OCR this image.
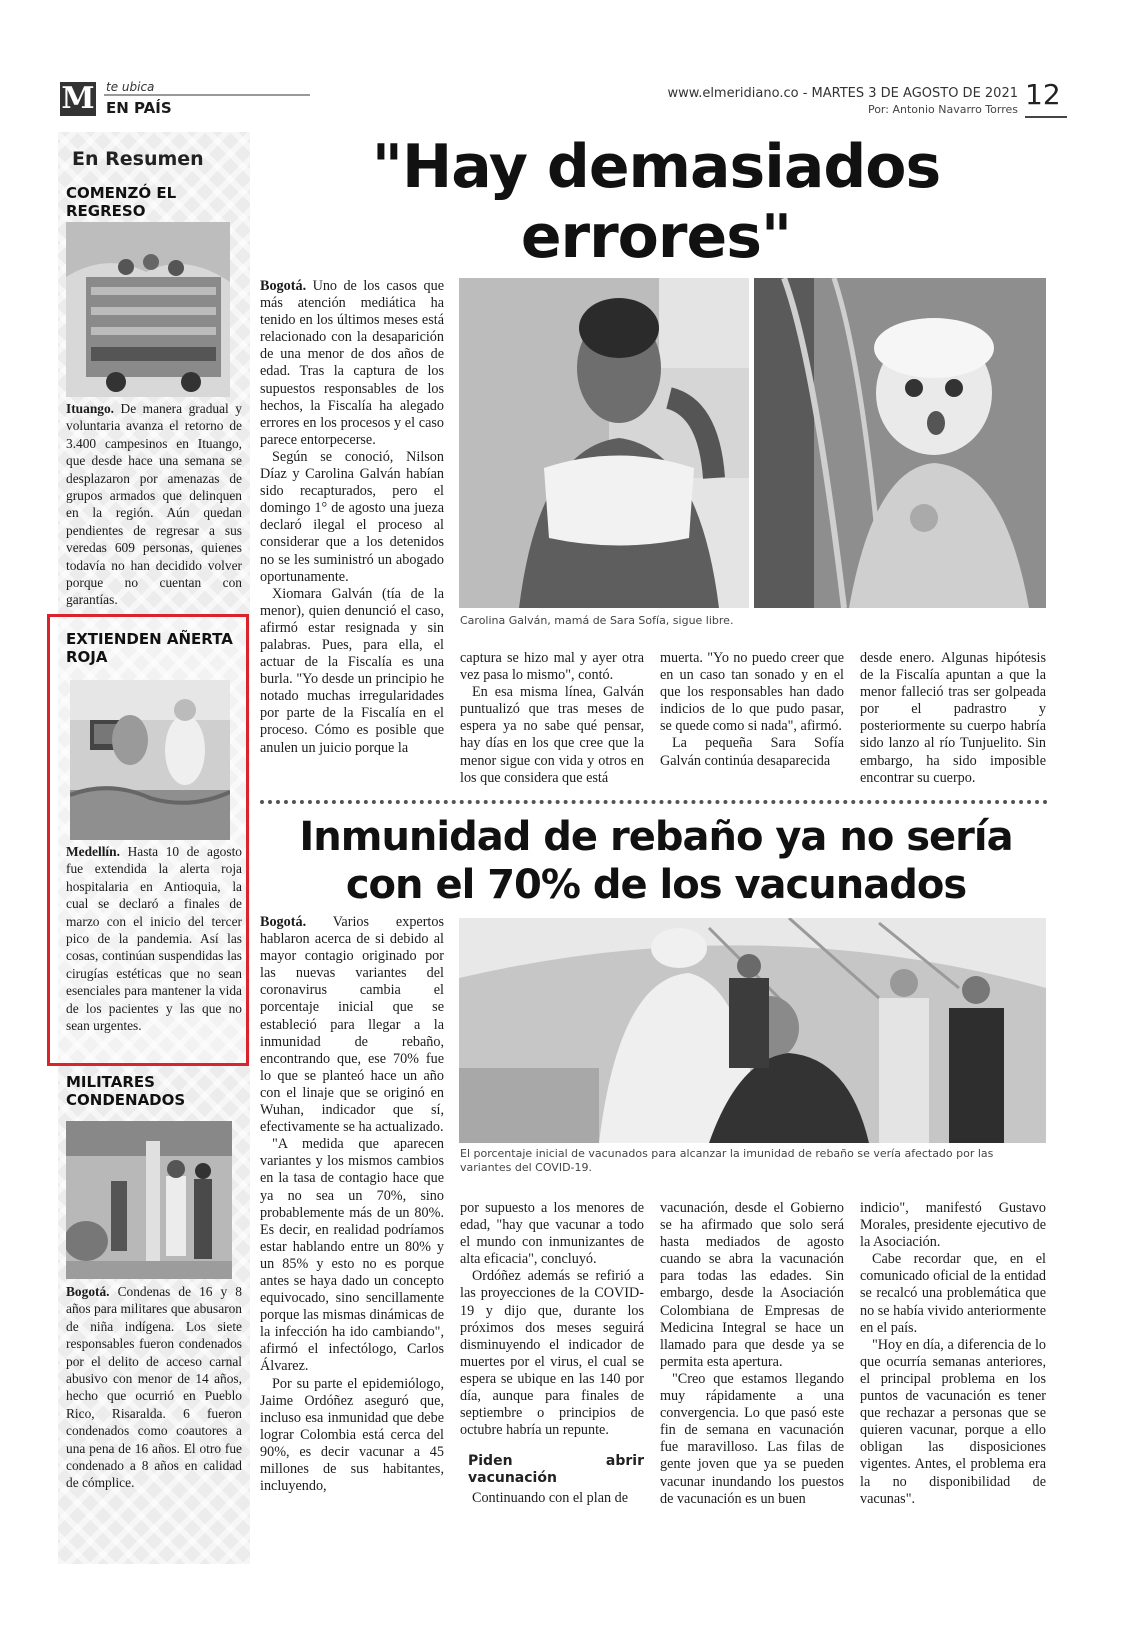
M te ubica
EN PAÍS
www.elmeridiano.co - MARTES 3 DE AGOSTO DE 2021
Por: Antonio Navarro Torres 12
En Resumen
COMENZÓ EL REGRESO
Ituango. De manera gradual y voluntaria avanza el retorno de 3.400 campesinos en Ituango, que desde hace una semana se desplazaron por amenazas de grupos armados que delinquen en la región. Aún quedan pendientes de regresar a sus veredas 609 personas, quienes todavía no han decidido volver porque no cuentan con garantías.
EXTIENDEN AÑERTA ROJA
Medellín. Hasta 10 de agosto fue extendida la alerta roja hospitalaria en Antioquia, la cual se declaró a finales de marzo con el inicio del tercer pico de la pandemia. Así las cosas, continúan suspendidas las cirugías estéticas que no sean esenciales para mantener la vida de los pacientes y las que no sean urgentes.
MILITARES CONDENADOS
Bogotá. Condenas de 16 y 8 años para militares que abusaron de niña indígena. Los siete responsables fueron condenados por el delito de acceso carnal abusivo con menor de 14 años, hecho que ocurrió en Pueblo Rico, Risaralda. 6 fueron condenados como coautores a una pena de 16 años. El otro fue condenado a 8 años en calidad de cómplice.
"Hay demasiados
errores"

Bogotá. Uno de los casos que más atención mediática ha tenido en los últimos meses está relacionado con la desaparición de una menor de dos años de edad. Tras la captura de los supuestos responsables de los hechos, la Fiscalía ha alegado errores en los procesos y el caso parece entorpecerse.

Según se conoció, Nilson Díaz y Carolina Galván habían sido recapturados, pero el domingo 1° de agosto una jueza declaró ilegal el proceso al considerar que a los detenidos no se les suministró un abogado oportunamente.

Xiomara Galván (tía de la menor), quien denunció el caso, afirmó estar resignada y sin palabras. Pues, para ella, el actuar de la Fiscalía es una burla. "Yo desde un principio he notado muchas irregularidades por parte de la Fiscalía en el proceso. Cómo es posible que anulen un juicio porque la

Carolina Galván, mamá de Sara Sofía, sigue libre.

captura se hizo mal y ayer otra vez pasa lo mismo", contó.

En esa misma línea, Galván puntualizó que tras meses de espera ya no sabe qué pensar, hay días en los que cree que la menor sigue con vida y otros en los que considera que está

muerta. "Yo no puedo creer que en un caso tan sonado y en el que los responsables han dado indicios de lo que pudo pasar, se quede como si nada", afirmó.

La pequeña Sara Sofía Galván continúa desaparecida

desde enero. Algunas hipótesis de la Fiscalía apuntan a que la menor falleció tras ser golpeada por el padrastro y posteriormente su cuerpo habría sido lanzo al río Tunjuelito. Sin embargo, ha sido imposible encontrar su cuerpo.

Inmunidad de rebaño ya no sería
con el 70% de los vacunados

Bogotá. Varios expertos hablaron acerca de si debido al mayor contagio originado por las nuevas variantes del coronavirus cambia el porcentaje inicial que se estableció para llegar a la inmunidad de rebaño, encontrando que, ese 70% fue lo que se planteó hace un año con el linaje que se originó en Wuhan, indicador que sí, efectivamente se ha actualizado.

"A medida que aparecen variantes y los mismos cambios en la tasa de contagio hace que ya no sea un 70%, sino probablemente más de un 80%. Es decir, en realidad podríamos estar hablando entre un 80% y un 85% y esto no es porque antes se haya dado un concepto equivocado, sino sencillamente porque las mismas dinámicas de la infección ha ido cambiando", afirmó el infectólogo, Carlos Álvarez.

Por su parte el epidemiólogo, Jaime Ordóñez aseguró que, incluso esa inmunidad que debe lograr Colombia está cerca del 90%, es decir vacunar a 45 millones de sus habitantes, incluyendo,

El porcentaje inicial de vacunados para alcanzar la imunidad de rebaño se vería afectado por las variantes del COVID-19.

por supuesto a los menores de edad, "hay que vacunar a todo el mundo con inmunizantes de alta eficacia", concluyó.

Ordóñez además se refirió a las proyecciones de la COVID-19 y dijo que, durante los próximos dos meses seguirá disminuyendo el indicador de muertes por el virus, el cual se espera se ubique en las 140 por día, aunque para finales de septiembre o principios de octubre habría un repunte.

Piden abrir vacunación

Continuando con el plan de

vacunación, desde el Gobierno se ha afirmado que solo será hasta mediados de agosto cuando se abra la vacunación para todas las edades. Sin embargo, desde la Asociación Colombiana de Empresas de Medicina Integral se hace un llamado para que desde ya se permita esta apertura.

"Creo que estamos llegando muy rápidamente a una convergencia. Lo que pasó este fin de semana en vacunación fue maravilloso. Las filas de gente joven que ya se pueden vacunar inundando los puestos de vacunación es un buen

indicio", manifestó Gustavo Morales, presidente ejecutivo de la Asociación.

Cabe recordar que, en el comunicado oficial de la entidad se recalcó una problemática que no se había vivido anteriormente en el país.

"Hoy en día, a diferencia de lo que ocurría semanas anteriores, el principal problema en los puntos de vacunación es tener que rechazar a personas que se quieren vacunar, porque a ello obligan las disposiciones vigentes. Antes, el problema era la no disponibilidad de vacunas".
